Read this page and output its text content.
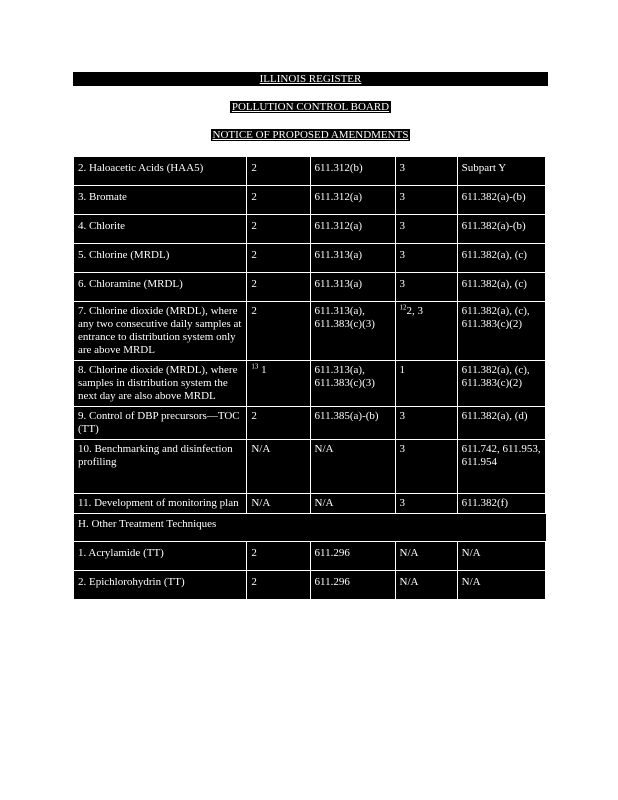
ILLINOIS REGISTER
POLLUTION CONTROL BOARD
NOTICE OF PROPOSED AMENDMENTS
2. Haloacetic Acids (HAA5)	2	611.312(b)	3	Subpart Y
3. Bromate	2	611.312(a)	3	611.382(a)-(b)
4. Chlorite	2	611.312(a)	3	611.382(a)-(b)
5. Chlorine (MRDL)	2	611.313(a)	3	611.382(a), (c)
6. Chloramine (MRDL)	2	611.313(a)	3	611.382(a), (c)
7. Chlorine dioxide (MRDL), where any two consecutive daily samples at entrance to distribution system only are above MRDL	2	611.313(a), 611.383(c)(3)	$^{12}$2, 3	611.382(a), (c), 611.383(c)(2)
8. Chlorine dioxide (MRDL), where samples in distribution system the next day are also above MRDL	$^{13}$ 1	611.313(a), 611.383(c)(3)	1	611.382(a), (c), 611.383(c)(2)
9. Control of DBP precursors—TOC (TT)	2	611.385(a)-(b)	3	611.382(a), (d)
10. Benchmarking and disinfection profiling	N/A	N/A	3	611.742, 611.953, 611.954
11. Development of monitoring plan	N/A	N/A	3	611.382(f)
H. Other Treatment Techniques				
1. Acrylamide (TT)	2	611.296	N/A	N/A
2. Epichlorohydrin (TT)	2	611.296	N/A	N/A
